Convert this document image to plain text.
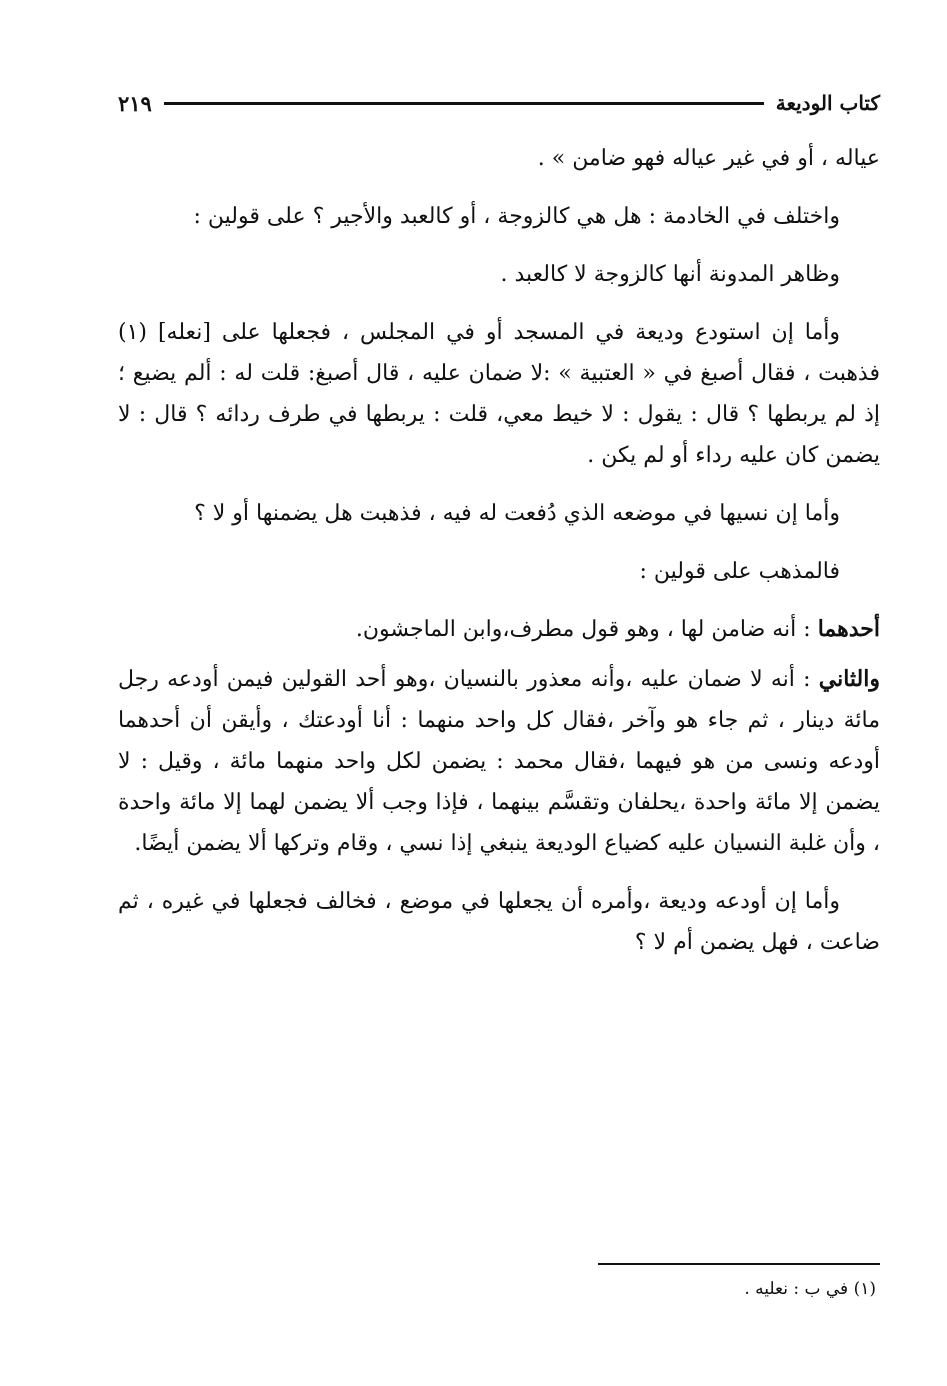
كتاب الوديعة
٢١٩

عياله ، أو في غير عياله فهو ضامن » .

واختلف في الخادمة : هل هي كالزوجة ، أو كالعبد والأجير ؟ على قولين :

وظاهر المدونة أنها كالزوجة لا كالعبد .

وأما إن استودع وديعة في المسجد أو في المجلس ، فجعلها على [نعله] (١) فذهبت ، فقال أصبغ في « العتبية » :لا ضمان عليه ، قال أصبغ: قلت له : ألم يضيع ؛ إذ لم يربطها ؟ قال : يقول : لا خيط معي، قلت : يربطها في طرف ردائه ؟ قال : لا يضمن كان عليه رداء أو لم يكن .

وأما إن نسيها في موضعه الذي دُفعت له فيه ، فذهبت هل يضمنها أو لا ؟

فالمذهب على قولين :

أحدهما : أنه ضامن لها ، وهو قول مطرف،وابن الماجشون.

والثاني : أنه لا ضمان عليه ،وأنه معذور بالنسيان ،وهو أحد القولين فيمن أودعه رجل مائة دينار ، ثم جاء هو وآخر ،فقال كل واحد منهما : أنا أودعتك ، وأيقن أن أحدهما أودعه ونسى من هو فيهما ،فقال محمد : يضمن لكل واحد منهما مائة ، وقيل : لا يضمن إلا مائة واحدة ،يحلفان وتقسَّم بينهما ، فإذا وجب ألا يضمن لهما إلا مائة واحدة ، وأن غلبة النسيان عليه كضياع الوديعة ينبغي إذا نسي ، وقام وتركها ألا يضمن أيضًا.

وأما إن أودعه وديعة ،وأمره أن يجعلها في موضع ، فخالف فجعلها في غيره ، ثم ضاعت ، فهل يضمن أم لا ؟

(١) في ب : نعليه .
